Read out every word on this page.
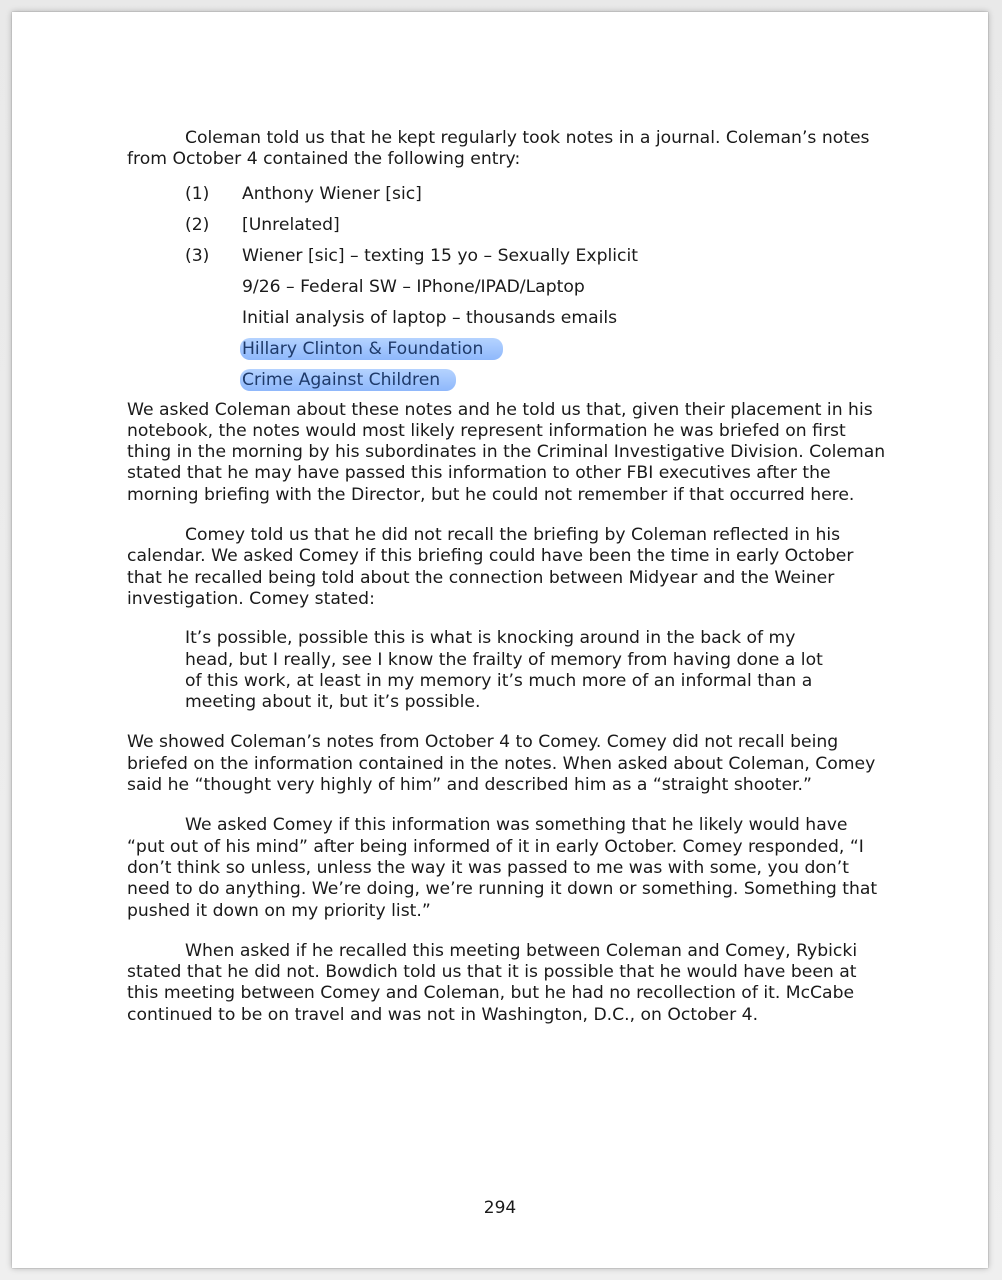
Coleman told us that he kept regularly took notes in a journal. Coleman’s notes from October 4 contained the following entry:

(1) Anthony Wiener [sic]
(2) [Unrelated]
(3) Wiener [sic] – texting 15 yo – Sexually Explicit
9/26 – Federal SW – IPhone/IPAD/Laptop
Initial analysis of laptop – thousands emails
Hillary Clinton & Foundation
Crime Against Children

We asked Coleman about these notes and he told us that, given their placement in his notebook, the notes would most likely represent information he was briefed on first thing in the morning by his subordinates in the Criminal Investigative Division. Coleman stated that he may have passed this information to other FBI executives after the morning briefing with the Director, but he could not remember if that occurred here.

Comey told us that he did not recall the briefing by Coleman reflected in his calendar. We asked Comey if this briefing could have been the time in early October that he recalled being told about the connection between Midyear and the Weiner investigation. Comey stated:

It’s possible, possible this is what is knocking around in the back of my head, but I really, see I know the frailty of memory from having done a lot of this work, at least in my memory it’s much more of an informal than a meeting about it, but it’s possible.

We showed Coleman’s notes from October 4 to Comey. Comey did not recall being briefed on the information contained in the notes. When asked about Coleman, Comey said he “thought very highly of him” and described him as a “straight shooter.”

We asked Comey if this information was something that he likely would have “put out of his mind” after being informed of it in early October. Comey responded, “I don’t think so unless, unless the way it was passed to me was with some, you don’t need to do anything. We’re doing, we’re running it down or something. Something that pushed it down on my priority list.”

When asked if he recalled this meeting between Coleman and Comey, Rybicki stated that he did not. Bowdich told us that it is possible that he would have been at this meeting between Comey and Coleman, but he had no recollection of it. McCabe continued to be on travel and was not in Washington, D.C., on October 4.

294
